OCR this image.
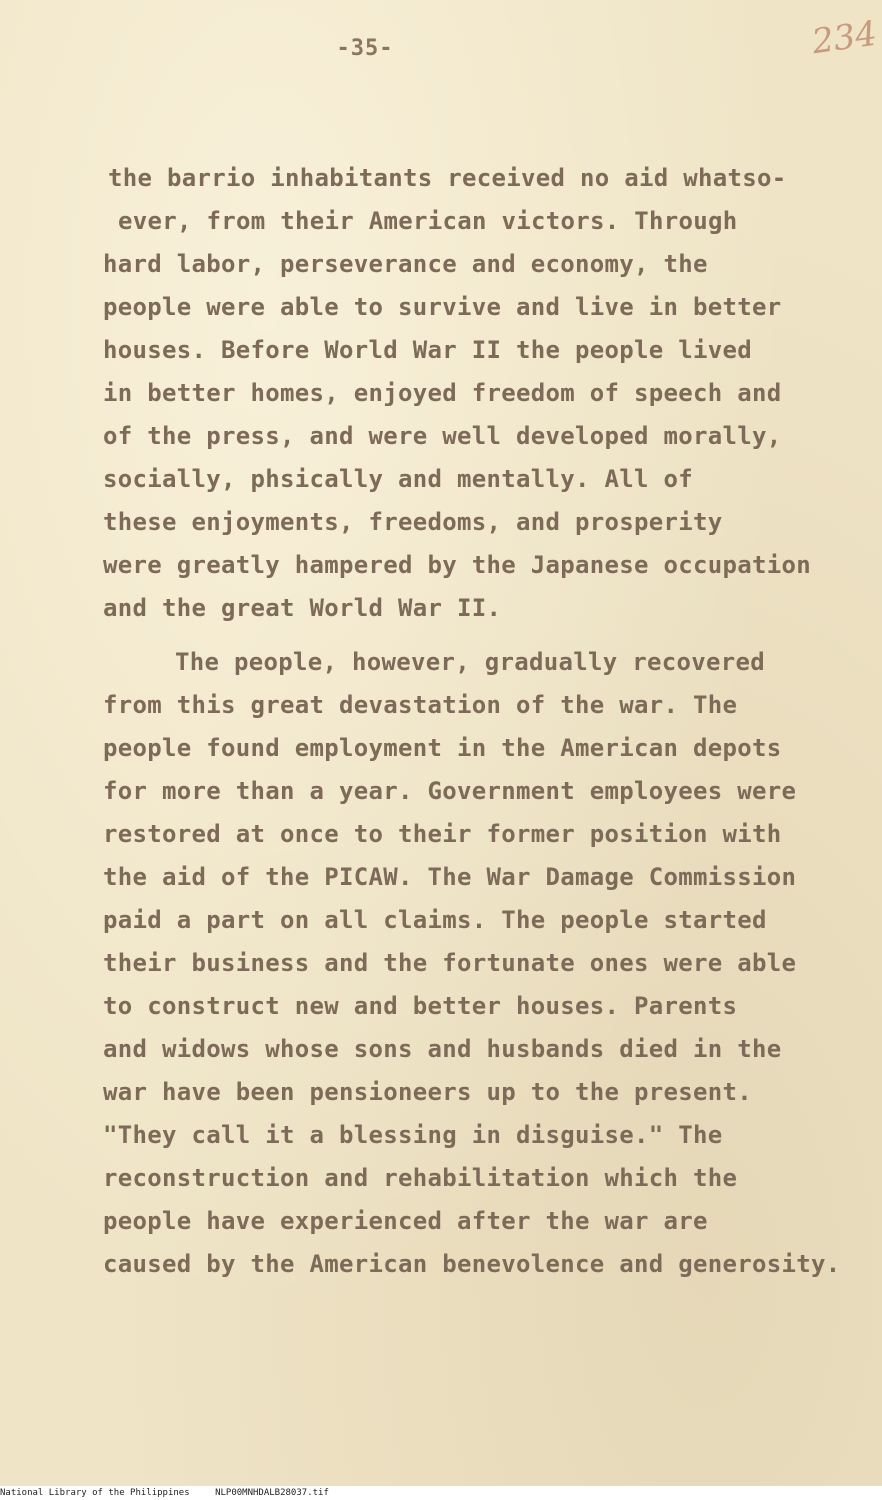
-35-	234
the barrio inhabitants received no aid whatso-
ever, from their American victors. Through
hard labor, perseverance and economy, the
people were able to survive and live in better
houses. Before World War II the people lived
in better homes, enjoyed freedom of speech and
of the press, and were well developed morally,
socially, phsically and mentally. All of
these enjoyments, freedoms, and prosperity
were greatly hampered by the Japanese occupation
and the great World War II.
The people, however, gradually recovered
from this great devastation of the war. The
people found employment in the American depots
for more than a year. Government employees were
restored at once to their former position with
the aid of the PICAW. The War Damage Commission
paid a part on all claims. The people started
their business and the fortunate ones were able
to construct new and better houses. Parents
and widows whose sons and husbands died in the
war have been pensioneers up to the present.
"They call it a blessing in disguise." The
reconstruction and rehabilitation which the
people have experienced after the war are
caused by the American benevolence and generosity.
National Library of the Philippines	NLP00MNHDALB28037.tif
